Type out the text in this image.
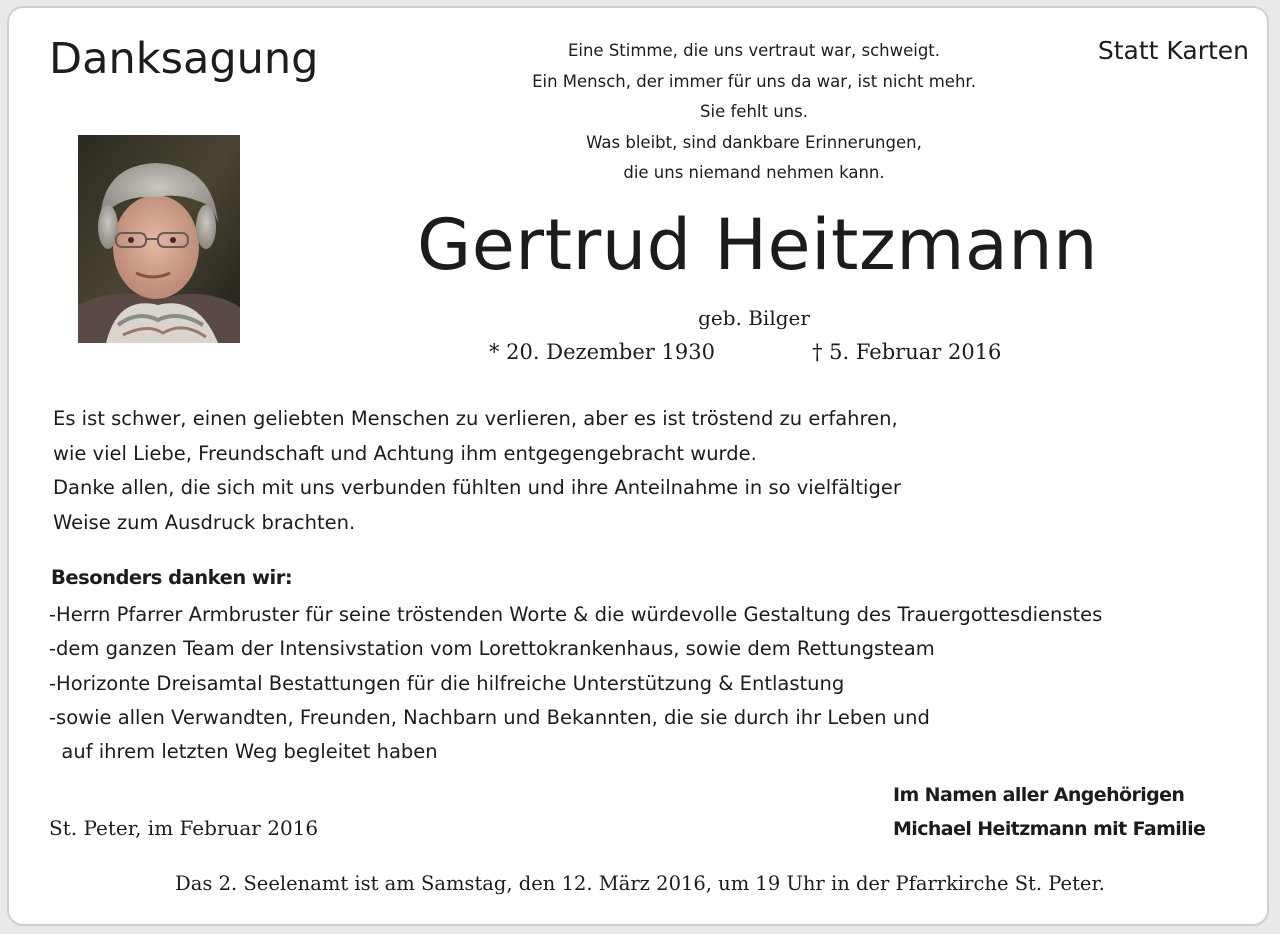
Danksagung	Statt Karten
Eine Stimme, die uns vertraut war, schweigt.
Ein Mensch, der immer für uns da war, ist nicht mehr.
Sie fehlt uns.
Was bleibt, sind dankbare Erinnerungen,
die uns niemand nehmen kann.
Gertrud Heitzmann
geb. Bilger
* 20. Dezember 1930	† 5. Februar 2016
Es ist schwer, einen geliebten Menschen zu verlieren, aber es ist tröstend zu erfahren,
wie viel Liebe, Freundschaft und Achtung ihm entgegengebracht wurde.
Danke allen, die sich mit uns verbunden fühlten und ihre Anteilnahme in so vielfältiger
Weise zum Ausdruck brachten.
Besonders danken wir:
-Herrn Pfarrer Armbruster für seine tröstenden Worte & die würdevolle Gestaltung des Trauergottesdienstes
-dem ganzen Team der Intensivstation vom Lorettokrankenhaus, sowie dem Rettungsteam
-Horizonte Dreisamtal Bestattungen für die hilfreiche Unterstützung & Entlastung
-sowie allen Verwandten, Freunden, Nachbarn und Bekannten, die sie durch ihr Leben und
auf ihrem letzten Weg begleitet haben
Im Namen aller Angehörigen
Michael Heitzmann mit Familie
St. Peter, im Februar 2016
Das 2. Seelenamt ist am Samstag, den 12. März 2016, um 19 Uhr in der Pfarrkirche St. Peter.
